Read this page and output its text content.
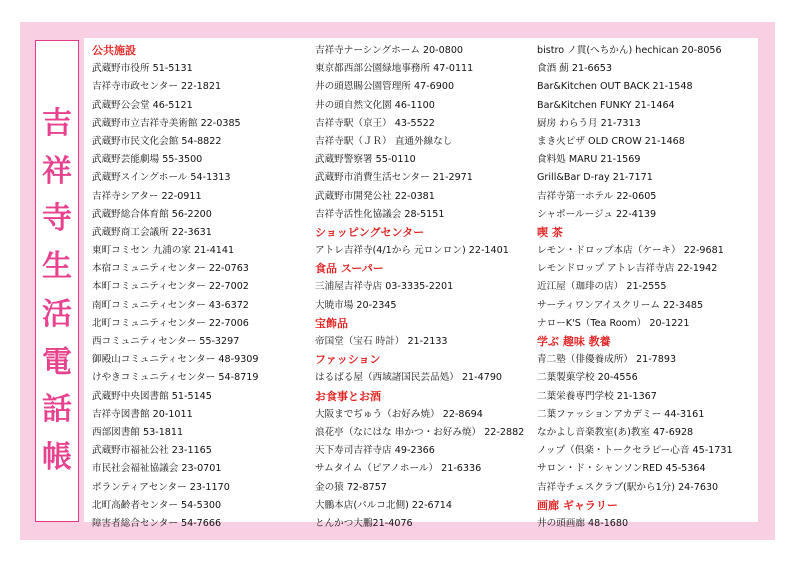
吉
祥
寺
生
活
電
話
帳
公共施設
武蔵野市役所 51-5131
吉祥寺市政センター 22-1821
武蔵野公会堂 46-5121
武蔵野市立吉祥寺美術館 22-0385
武蔵野市民文化会館 54-8822
武蔵野芸能劇場 55-3500
武蔵野スイングホール 54-1313
吉祥寺シアター 22-0911
武蔵野総合体育館 56-2200
武蔵野商工会議所 22-3631
東町コミセン 九浦の家 21-4141
本宿コミュニティセンター 22-0763
本町コミュニティセンター 22-7002
南町コミュニティセンター 43-6372
北町コミュニティセンター 22-7006
西コミュニティセンター 55-3297
御殿山コミュニティセンター 48-9309
けやきコミュニティセンター 54-8719
武蔵野中央図書館 51-5145
吉祥寺図書館 20-1011
西部図書館 53-1811
武蔵野市福祉公社 23-1165
市民社会福祉協議会 23-0701
ボランティアセンター 23-1170
北町高齢者センター 54-5300
障害者総合センター 54-7666
吉祥寺ナーシングホーム 20-0800
東京都西部公園緑地事務所 47-0111
井の頭恩賜公園管理所 47-6900
井の頭自然文化園 46-1100
吉祥寺駅（京王） 43-5522
吉祥寺駅（ＪＲ） 直通外線なし
武蔵野警察署 55-0110
武蔵野市消費生活センター 21-2971
武蔵野市開発公社 22-0381
吉祥寺活性化協議会 28-5151
ショッピングセンター
アトレ吉祥寺(4/1から 元ロンロン) 22-1401
食品 スーパー
三浦屋吉祥寺店 03-3335-2201
大暁市場 20-2345
宝飾品
帝国堂（宝石 時計） 21-2133
ファッション
はるばる屋（西域諸国民芸品処） 21-4790
お食事とお酒
大阪までぢゅう（お好み焼） 22-8694
浪花亭（なにはな 串かつ・お好み焼） 22-2882
天下寿司吉祥寺店 49-2366
サムタイム（ピアノホール） 21-6336
金の猿 72-8757
大鵬本店(パルコ北側) 22-6714
とんかつ大鵬21-4076
bistro ノ貫(へちかん) hechican 20-8056
食酒 薊 21-6653
Bar&Kitchen OUT BACK 21-1548
Bar&Kitchen FUNKY 21-1464
厨房 わらう月 21-7313
まき火ピザ OLD CROW 21-1468
食料処 MARU 21-1569
Grill&Bar D-ray 21-7171
吉祥寺第一ホテル 22-0605
シャポールージュ 22-4139
喫 茶
レモン・ドロップ本店（ケーキ） 22-9681
レモンドロップ アトレ吉祥寺店 22-1942
近江屋（珈琲の店） 21-2555
サーティワンアイスクリーム 22-3485
ナローK'S（Tea Room） 20-1221
学ぶ 趣味 教養
青二塾（俳優養成所） 21-7893
二葉製菓学校 20-4556
二葉栄養専門学校 21-1367
二葉ファッションアカデミー 44-3161
なかよし音楽教室(あ)教室 47-6928
ノップ（倶楽・トークセラピー心音 45-1731
サロン・ド・シャンソンRED 45-5364
吉祥寺チェスクラブ(駅から1分) 24-7630
画廊 ギャラリー
井の頭画廊 48-1680
